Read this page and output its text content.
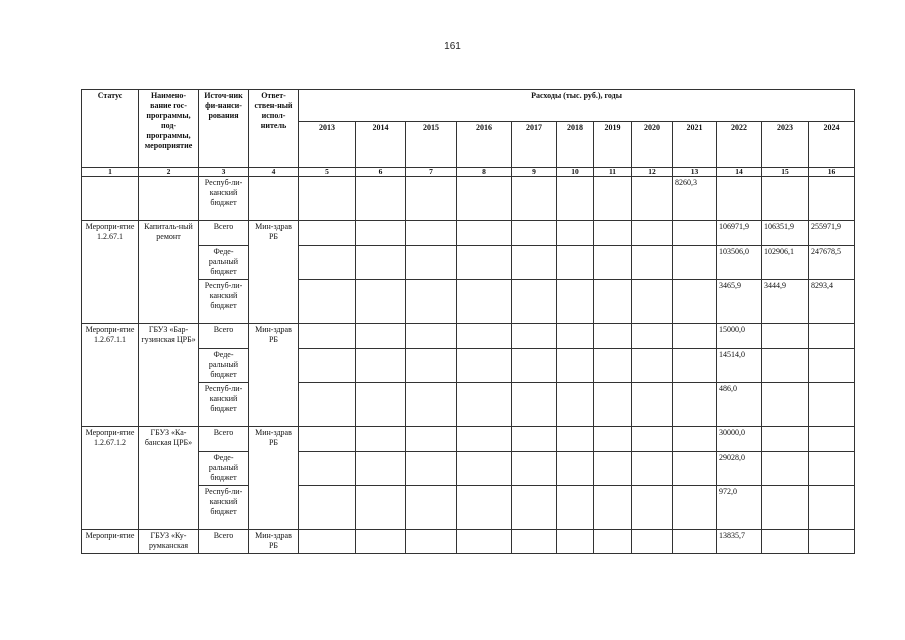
161
Статус	Наимено-вание гос-программы, под-программы, мероприятие	Источ-ник фи-нанси-рования	Ответ-ствен-ный испол-нитель	Расходы (тыс. руб.), годы											
				2013	2014	2015	2016	2017	2018	2019	2020	2021	2022	2023	2024
1	2	3	4	5	6	7	8	9	10	11	12	13	14	15	16
		Респуб-ли-канский бюджет										8260,3			
Меропри-ятие 1.2.67.1	Капиталь-ный ремонт	Всего	Мин-здрав РБ										106971,9	106351,9	255971,9
		Феде-ральный бюджет											103506,0	102906,1	247678,5
		Респуб-ли-канский бюджет											3465,9	3444,9	8293,4
Меропри-ятие 1.2.67.1.1	ГБУЗ «Бар-гузинская ЦРБ»	Всего	Мин-здрав РБ										15000,0		
		Феде-ральный бюджет											14514,0		
		Респуб-ли-канский бюджет											486,0		
Меропри-ятие 1.2.67.1.2	ГБУЗ «Ка-банская ЦРБ»	Всего	Мин-здрав РБ										30000,0		
		Феде-ральный бюджет											29028,0		
		Респуб-ли-канский бюджет											972,0		
Меропри-ятие	ГБУЗ «Ку-румканская	Всего	Мин-здрав РБ										13835,7		
